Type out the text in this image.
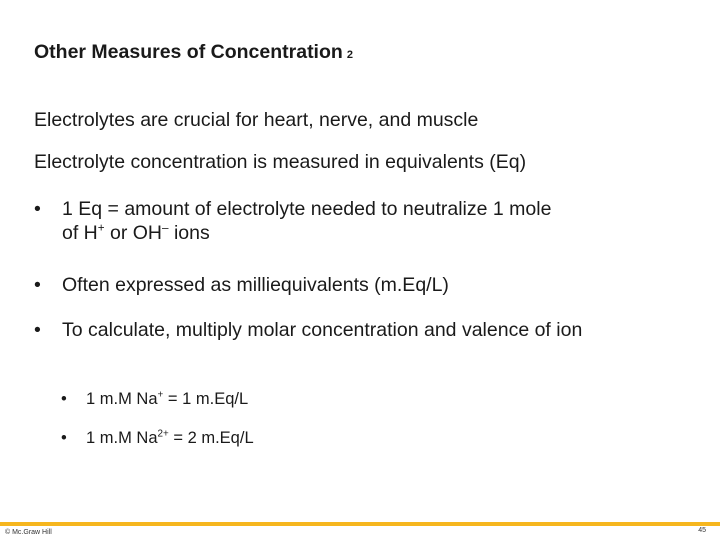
Other Measures of Concentration 2
Electrolytes are crucial for heart, nerve, and muscle
Electrolyte concentration is measured in equivalents (Eq)
• 1 Eq = amount of electrolyte needed to neutralize 1 mole
of H+ or OH– ions
• Often expressed as milliequivalents (m.Eq/L)
• To calculate, multiply molar concentration and valence of ion
• 1 m.M Na+ = 1 m.Eq/L
• 1 m.M $Na^{2+} = 2$ m.Eq/L
© Mc.Graw Hill	45
